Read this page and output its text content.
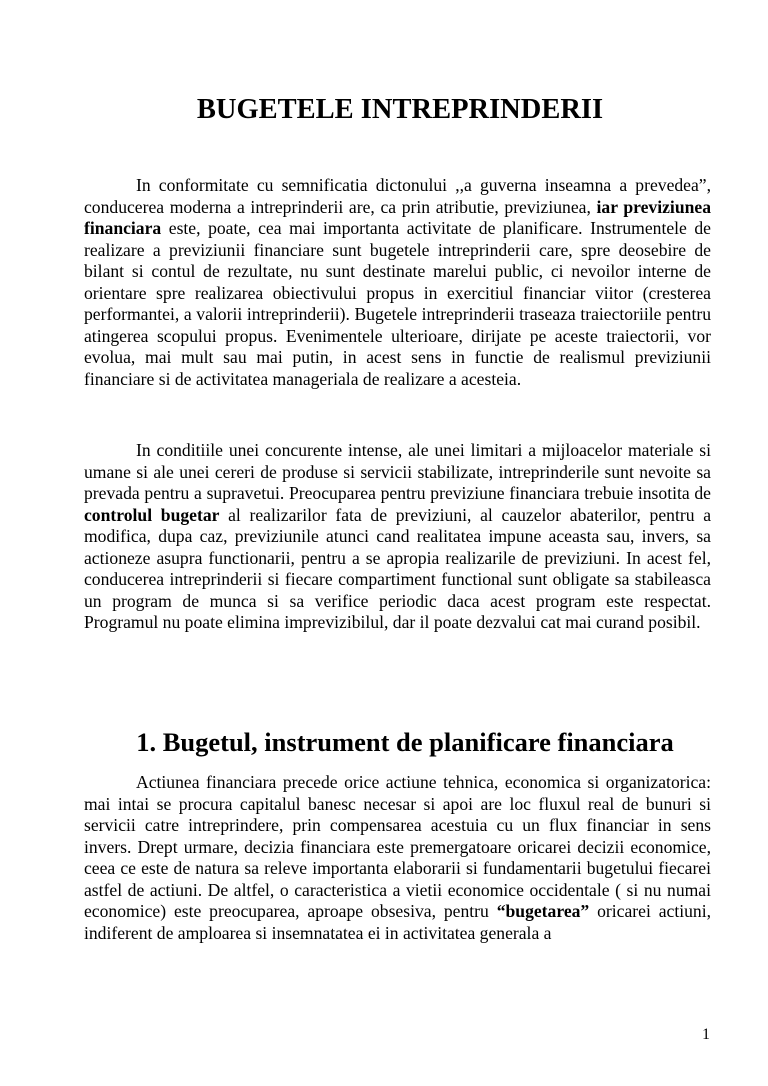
BUGETELE INTREPRINDERII

In conformitate cu semnificatia dictonului ,,a guverna inseamna a prevedea”, conducerea moderna a intreprinderii are, ca prin atributie, previziunea, iar previziunea financiara este, poate, cea mai importanta activitate de planificare. Instrumentele de realizare a previziunii financiare sunt bugetele intreprinderii care, spre deosebire de bilant si contul de rezultate, nu sunt destinate marelui public, ci nevoilor interne de orientare spre realizarea obiectivului propus in exercitiul financiar viitor (cresterea performantei, a valorii intreprinderii). Bugetele intreprinderii traseaza traiectoriile pentru atingerea scopului propus. Evenimentele ulterioare, dirijate pe aceste traiectorii, vor evolua, mai mult sau mai putin, in acest sens in functie de realismul previziunii financiare si de activitatea manageriala de realizare a acesteia.

In conditiile unei concurente intense, ale unei limitari a mijloacelor materiale si umane si ale unei cereri de produse si servicii stabilizate, intreprinderile sunt nevoite sa prevada pentru a supravetui. Preocuparea pentru previziune financiara trebuie insotita de controlul bugetar al realizarilor fata de previziuni, al cauzelor abaterilor, pentru a modifica, dupa caz, previziunile atunci cand realitatea impune aceasta sau, invers, sa actioneze asupra functionarii, pentru a se apropia realizarile de previziuni. In acest fel, conducerea intreprinderii si fiecare compartiment functional sunt obligate sa stabileasca un program de munca si sa verifice periodic daca acest program este respectat. Programul nu poate elimina imprevizibilul, dar il poate dezvalui cat mai curand posibil.

1. Bugetul, instrument de planificare financiara

Actiunea financiara precede orice actiune tehnica, economica si organizatorica: mai intai se procura capitalul banesc necesar si apoi are loc fluxul real de bunuri si servicii catre intreprindere, prin compensarea acestuia cu un flux financiar in sens invers. Drept urmare, decizia financiara este premergatoare oricarei decizii economice, ceea ce este de natura sa releve importanta elaborarii si fundamentarii bugetului fiecarei astfel de actiuni. De altfel, o caracteristica a vietii economice occidentale ( si nu numai economice) este preocuparea, aproape obsesiva, pentru “bugetarea” oricarei actiuni, indiferent de amploarea si insemnatatea ei in activitatea generala a

1
